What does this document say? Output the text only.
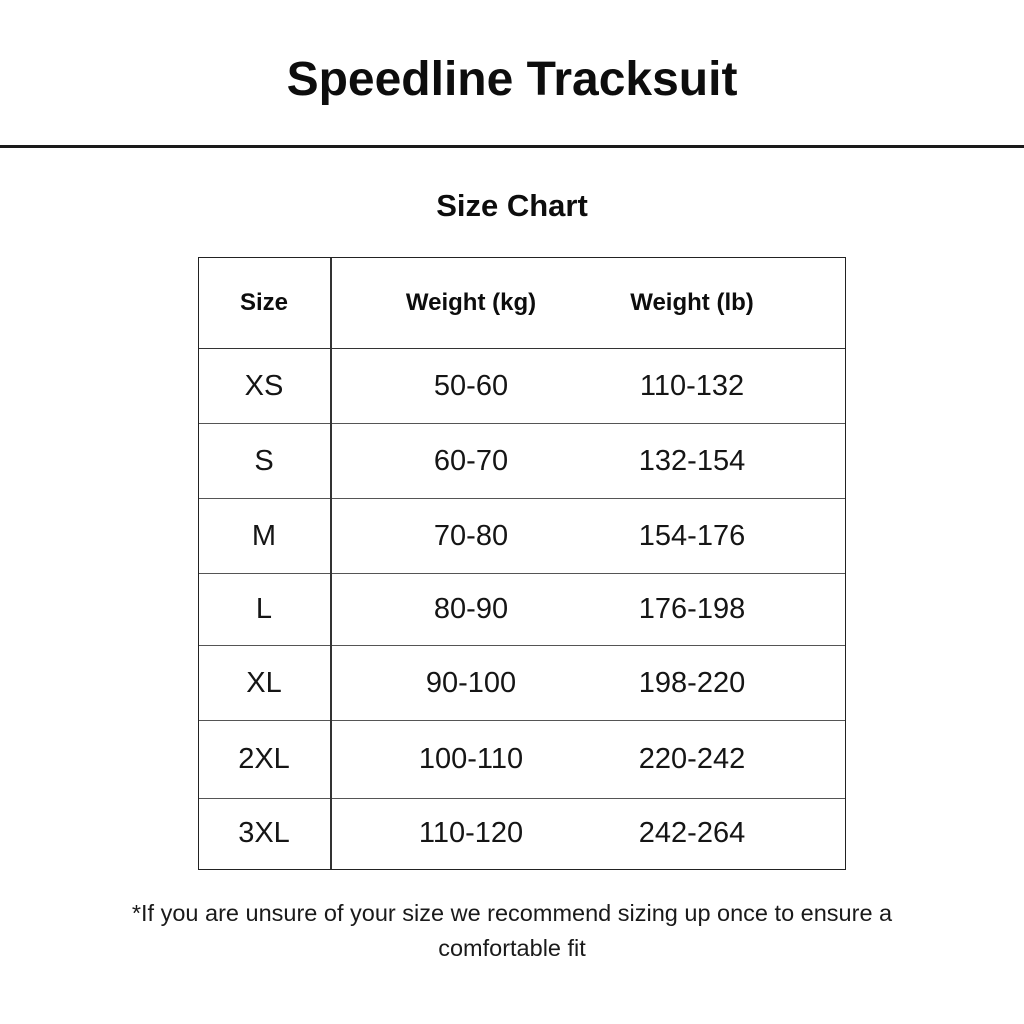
Speedline Tracksuit
Size Chart
Size	Weight (kg)	Weight (lb)	
XS	50-60	110-132	
S	60-70	132-154	
M	70-80	154-176	
L	80-90	176-198	
XL	90-100	198-220	
2XL	100-110	220-242	
3XL	110-120	242-264	
*If you are unsure of your size we recommend sizing up once to ensure a comfortable fit
